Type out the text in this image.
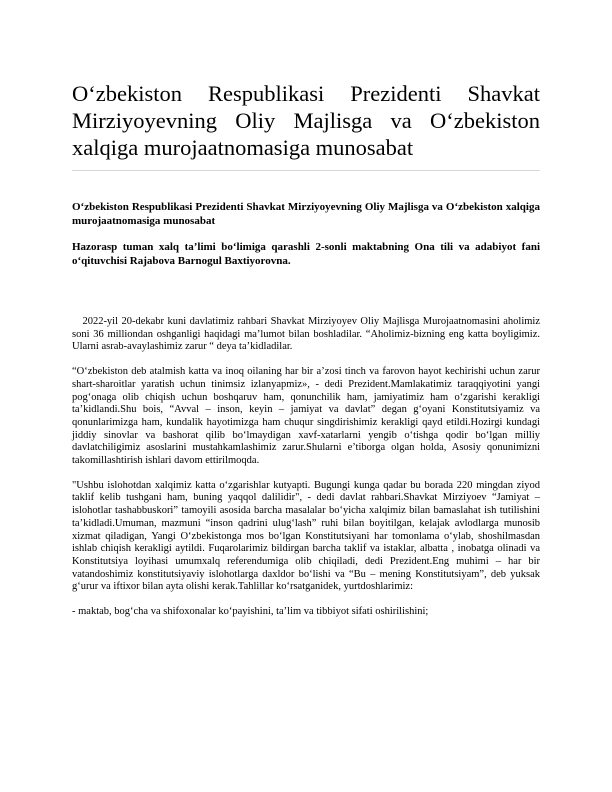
O‘zbekiston Respublikasi Prezidenti Shavkat Mirziyoyevning Oliy Majlisga va O‘zbekiston xalqiga murojaatnomasiga munosabat

O‘zbekiston Respublikasi Prezidenti Shavkat Mirziyoyevning Oliy Majlisga va O‘zbekiston xalqiga murojaatnomasiga munosabat

Hazorasp tuman xalq ta’limi bo‘limiga qarashli 2-sonli maktabning Ona tili va adabiyot fani o‘qituvchisi Rajabova Barnogul Baxtiyorovna.

2022-yil 20-dekabr kuni davlatimiz rahbari Shavkat Mirziyoyev Oliy Majlisga Murojaatnomasini aholimiz soni 36 milliondan oshganligi haqidagi ma’lumot bilan boshladilar. “Aholimiz-bizning eng katta boyligimiz.   Ularni asrab-avaylashimiz zarur “ deya ta’kidladilar.

“O‘zbekiston deb atalmish katta va inoq oilaning har bir a’zosi tinch va farovon hayot kechirishi uchun zarur shart-sharoitlar yaratish uchun tinimsiz izlanyapmiz», - dedi Prezident.Mamlakatimiz taraqqiyotini yangi pog‘onaga olib chiqish uchun boshqaruv ham, qonunchilik ham, jamiyatimiz ham o‘zgarishi kerakligi ta’kidlandi.Shu bois, “Avval – inson, keyin – jamiyat va davlat” degan g‘oyani Konstitutsiyamiz va qonunlarimizga ham, kundalik hayotimizga ham chuqur singdirishimiz kerakligi qayd etildi.Hozirgi kundagi jiddiy sinovlar va bashorat qilib bo‘lmaydigan xavf-xatarlarni yengib o‘tishga qodir bo‘lgan milliy davlatchiligimiz asoslarini mustahkamlashimiz zarur.Shularni e’tiborga olgan holda, Asosiy qonunimizni takomillashtirish ishlari davom ettirilmoqda.

"Ushbu islohotdan xalqimiz katta o‘zgarishlar kutyapti. Bugungi kunga qadar bu borada 220 mingdan ziyod taklif kelib tushgani ham, buning yaqqol dalilidir", - dedi davlat rahbari.Shavkat Mirziyoev “Jamiyat – islohotlar tashabbuskori” tamoyili asosida barcha masalalar bo‘yicha xalqimiz bilan bamaslahat ish tutilishini ta’kidladi.Umuman, mazmuni “inson qadrini ulug‘lash” ruhi bilan boyitilgan, kelajak avlodlarga munosib xizmat qiladigan, Yangi O‘zbekistonga mos bo‘lgan Konstitutsiyani har tomonlama o‘ylab, shoshilmasdan ishlab chiqish kerakligi aytildi. Fuqarolarimiz bildirgan barcha taklif va istaklar, albatta , inobatga olinadi va Konstitutsiya loyihasi umumxalq referendumiga olib chiqiladi, dedi Prezident.Eng muhimi – har bir vatandoshimiz konstitutsiyaviy islohotlarga daxldor bo‘lishi va “Bu – mening Konstitutsiyam”, deb yuksak g‘urur va iftixor bilan ayta olishi kerak.Tahlillar ko‘rsatganidek, yurtdoshlarimiz:

- maktab, bog‘cha va shifoxonalar ko‘payishini, ta’lim va tibbiyot sifati oshirilishini;
